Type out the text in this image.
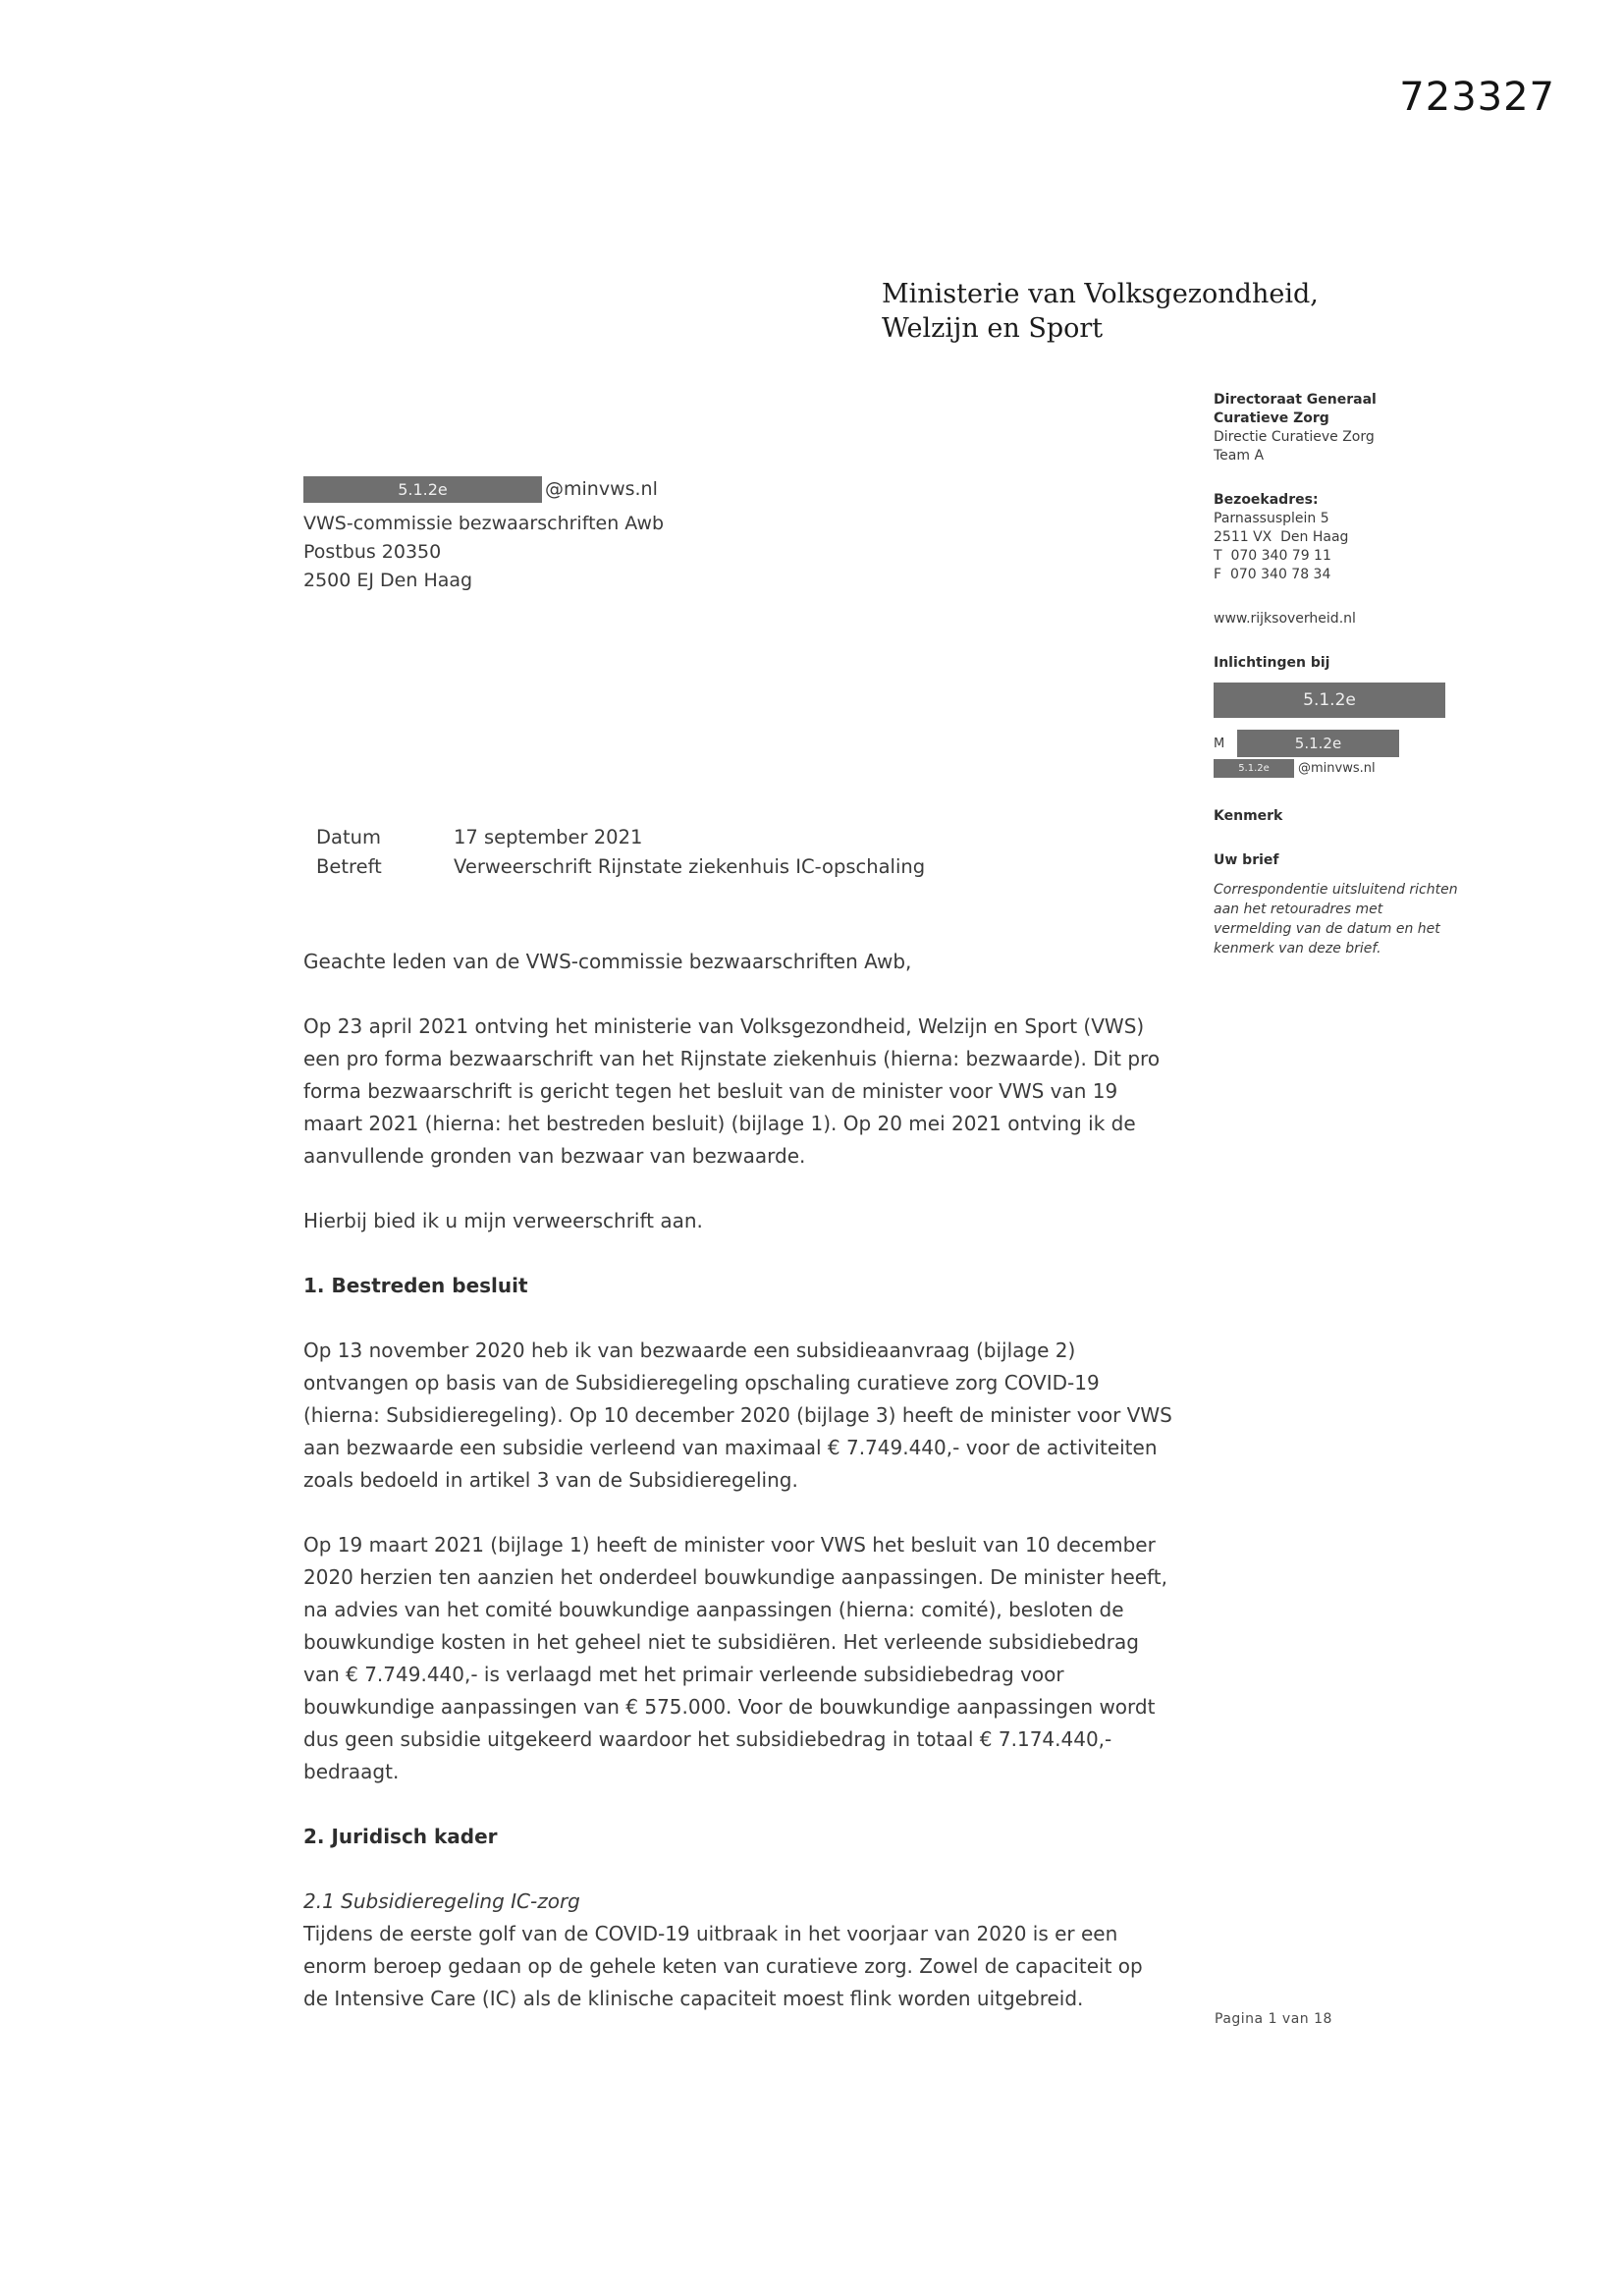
723327
Ministerie van Volksgezondheid,
Welzijn en Sport
5.1.2e	@minvws.nl
VWS-commissie bezwaarschriften Awb
Postbus 20350
2500 EJ Den Haag
Directoraat Generaal
Curatieve Zorg
Directie Curatieve Zorg
Team A
Bezoekadres:
Parnassusplein 5
2511 VX  Den Haag
T  070 340 79 11
F  070 340 78 34
www.rijksoverheid.nl
Inlichtingen bij
5.1.2e
M	5.1.2e
5.1.2e	@minvws.nl
Kenmerk
Uw brief
Correspondentie uitsluitend richten aan het retouradres met vermelding van de datum en het kenmerk van deze brief.
Datum	17 september 2021
Betreft	Verweerschrift Rijnstate ziekenhuis IC-opschaling

Geachte leden van de VWS-commissie bezwaarschriften Awb,

Op 23 april 2021 ontving het ministerie van Volksgezondheid, Welzijn en Sport (VWS) een pro forma bezwaarschrift van het Rijnstate ziekenhuis (hierna: bezwaarde). Dit pro forma bezwaarschrift is gericht tegen het besluit van de minister voor VWS van 19 maart 2021 (hierna: het bestreden besluit) (bijlage 1). Op 20 mei 2021 ontving ik de aanvullende gronden van bezwaar van bezwaarde.

Hierbij bied ik u mijn verweerschrift aan.

1. Bestreden besluit

Op 13 november 2020 heb ik van bezwaarde een subsidieaanvraag (bijlage 2) ontvangen op basis van de Subsidieregeling opschaling curatieve zorg COVID-19 (hierna: Subsidieregeling). Op 10 december 2020 (bijlage 3) heeft de minister voor VWS aan bezwaarde een subsidie verleend van maximaal € 7.749.440,- voor de activiteiten zoals bedoeld in artikel 3 van de Subsidieregeling.

Op 19 maart 2021 (bijlage 1) heeft de minister voor VWS het besluit van 10 december 2020 herzien ten aanzien het onderdeel bouwkundige aanpassingen. De minister heeft, na advies van het comité bouwkundige aanpassingen (hierna: comité), besloten de bouwkundige kosten in het geheel niet te subsidiëren. Het verleende subsidiebedrag van € 7.749.440,- is verlaagd met het primair verleende subsidiebedrag voor bouwkundige aanpassingen van € 575.000. Voor de bouwkundige aanpassingen wordt dus geen subsidie uitgekeerd waardoor het subsidiebedrag in totaal € 7.174.440,- bedraagt.

2. Juridisch kader

2.1 Subsidieregeling IC-zorg

Tijdens de eerste golf van de COVID-19 uitbraak in het voorjaar van 2020 is er een enorm beroep gedaan op de gehele keten van curatieve zorg. Zowel de capaciteit op de Intensive Care (IC) als de klinische capaciteit moest flink worden uitgebreid.

Pagina 1 van 18
